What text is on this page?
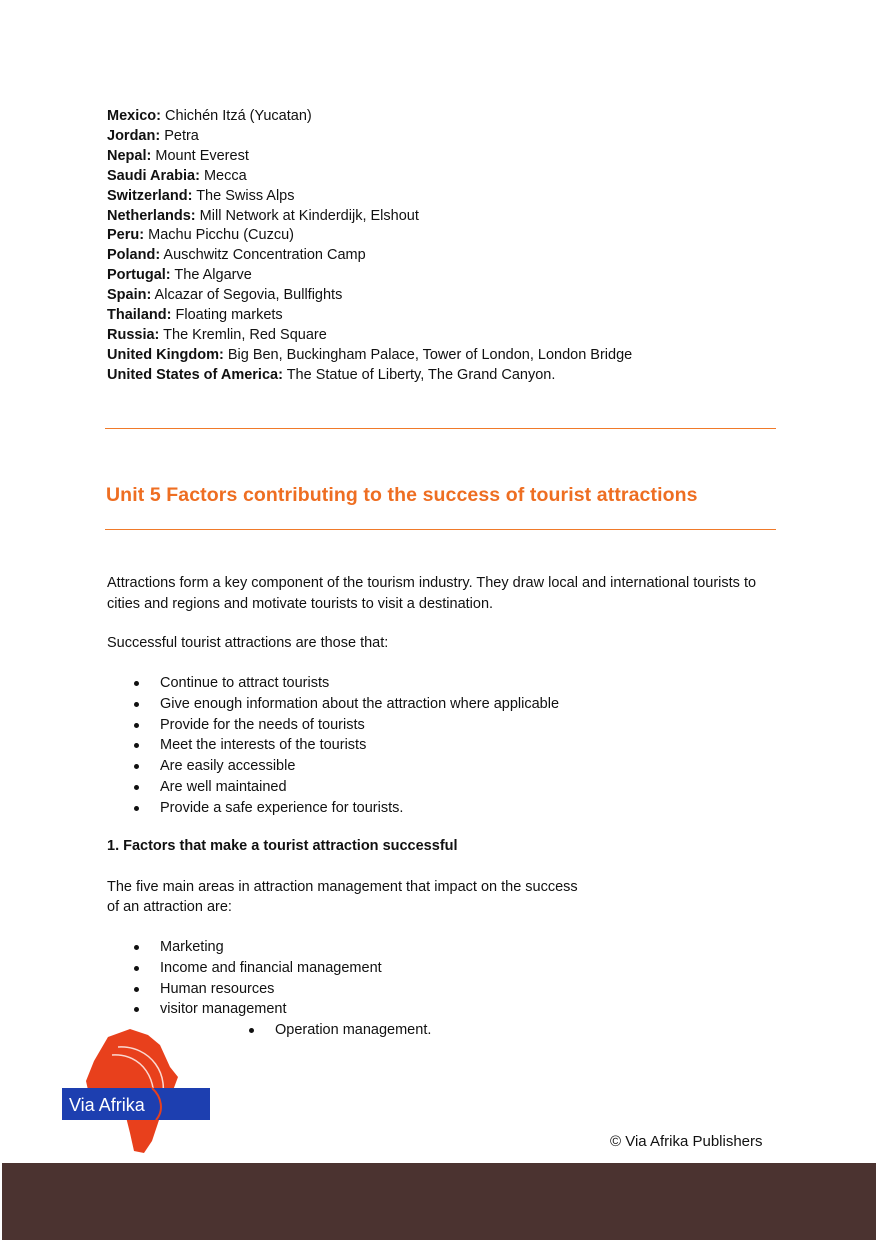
Mexico: Chichén Itzá (Yucatan)
Jordan: Petra
Nepal: Mount Everest
Saudi Arabia: Mecca
Switzerland: The Swiss Alps
Netherlands: Mill Network at Kinderdijk, Elshout
Peru: Machu Picchu (Cuzcu)
Poland: Auschwitz Concentration Camp
Portugal: The Algarve
Spain: Alcazar of Segovia, Bullfights
Thailand: Floating markets
Russia: The Kremlin, Red Square
United Kingdom: Big Ben, Buckingham Palace, Tower of London, London Bridge
United States of America: The Statue of Liberty, The Grand Canyon.
Unit 5 Factors contributing to the success of tourist attractions
Attractions form a key component of the tourism industry. They draw local and international tourists to cities and regions and motivate tourists to visit a destination.
Successful tourist attractions are those that:
Continue to attract tourists
Give enough information about the attraction where applicable
Provide for the needs of tourists
Meet the interests of the tourists
Are easily accessible
Are well maintained
Provide a safe experience for tourists.
1. Factors that make a tourist attraction successful
The five main areas in attraction management that impact on the success
of an attraction are:
Marketing
Income and financial management
Human resources
visitor management
Operation management.
Via Afrika
© Via Afrika Publishers
